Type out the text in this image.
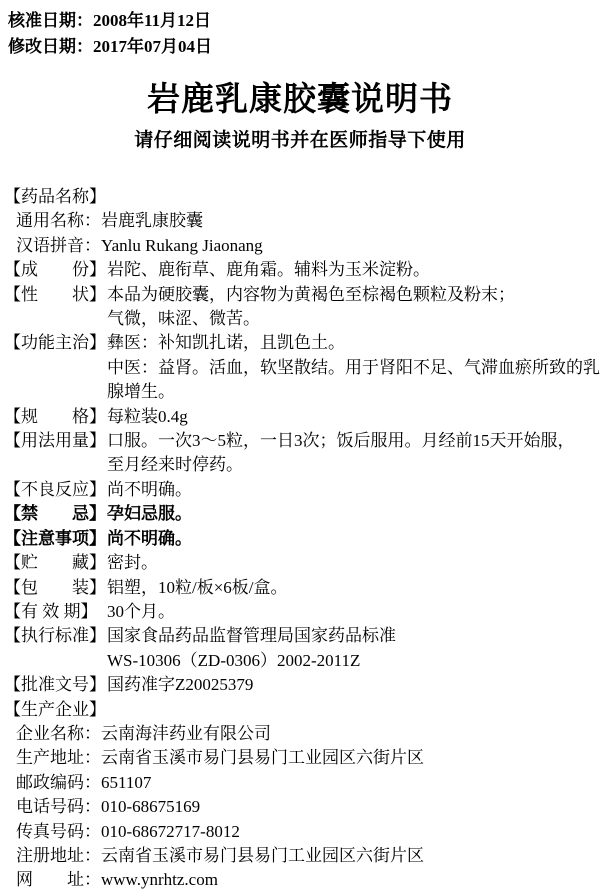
核准日期：2008年11月12日
修改日期：2017年07月04日
岩鹿乳康胶囊说明书
请仔细阅读说明书并在医师指导下使用
【药品名称】
通用名称：岩鹿乳康胶囊
汉语拼音：Yanlu Rukang Jiaonang
【成　　份】 岩陀、鹿衔草、鹿角霜。辅料为玉米淀粉。
【性　　状】 本品为硬胶囊，内容物为黄褐色至棕褐色颗粒及粉末；
气微，味涩、微苦。
【功能主治】 彝医：补知凯扎诺，且凯色土。
中医：益肾。活血，软坚散结。用于肾阳不足、气滞血瘀所致的乳
腺增生。
【规　　格】 每粒装0.4g
【用法用量】 口服。一次3～5粒，一日3次；饭后服用。月经前15天开始服，
至月经来时停药。
【不良反应】 尚不明确。
【禁　　忌】 孕妇忌服。
【注意事项】 尚不明确。
【贮　　藏】 密封。
【包　　装】 铝塑，10粒/板×6板/盒。
【有 效 期】 30个月。
【执行标准】 国家食品药品监督管理局国家药品标准
WS-10306（ZD-0306）2002-2011Z
【批准文号】 国药准字Z20025379
【生产企业】
企业名称：云南海沣药业有限公司
生产地址：云南省玉溪市易门县易门工业园区六街片区
邮政编码：651107
电话号码：010-68675169
传真号码：010-68672717-8012
注册地址：云南省玉溪市易门县易门工业园区六街片区
网　　址：www.ynrhtz.com
